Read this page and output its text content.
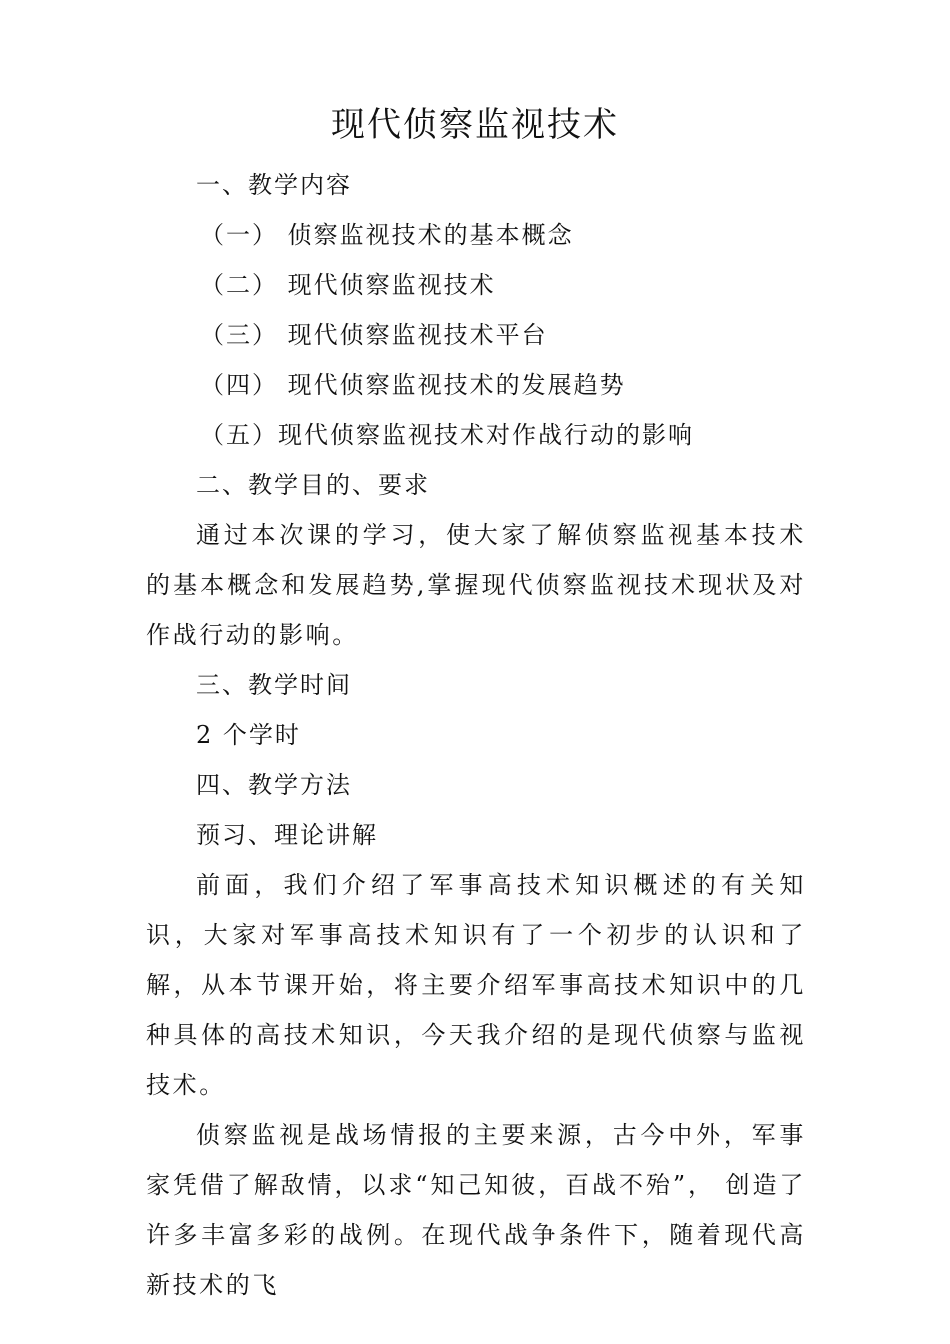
现代侦察监视技术

一、教学内容

（一） 侦察监视技术的基本概念

（二） 现代侦察监视技术

（三） 现代侦察监视技术平台

（四） 现代侦察监视技术的发展趋势

（五）现代侦察监视技术对作战行动的影响

二、教学目的、要求

通过本次课的学习，使大家了解侦察监视基本技术的基本概念和发展趋势,掌握现代侦察监视技术现状及对作战行动的影响。

三、教学时间

2 个学时

四、教学方法

预习、理论讲解

前面，我们介绍了军事高技术知识概述的有关知识，大家对军事高技术知识有了一个初步的认识和了解，从本节课开始，将主要介绍军事高技术知识中的几种具体的高技术知识，今天我介绍的是现代侦察与监视技术。

侦察监视是战场情报的主要来源，古今中外，军事家凭借了解敌情，以求“知己知彼，百战不殆”， 创造了许多丰富多彩的战例。在现代战争条件下，随着现代高新技术的飞
